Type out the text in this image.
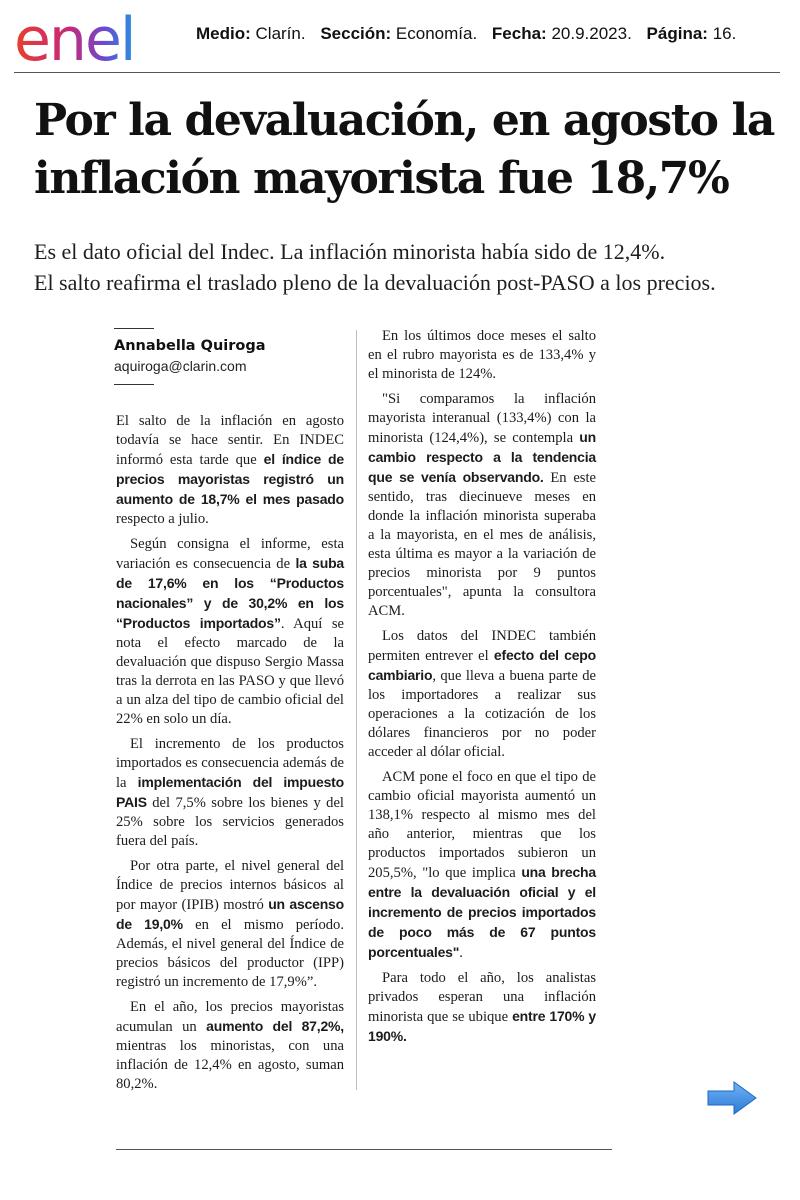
enel	Medio: Clarín. Sección: Economía. Fecha: 20.9.2023. Página: 16.
Por la devaluación, en agosto la inflación mayorista fue 18,7%
Es el dato oficial del Indec. La inflación minorista había sido de 12,4%.
El salto reafirma el traslado pleno de la devaluación post-PASO a los precios.
Annabella Quiroga
aquiroga@clarin.com

El salto de la inflación en agosto todavía se hace sentir. En INDEC informó esta tarde que el índice de precios mayoristas registró un aumento de 18,7% el mes pasado respecto a julio.

Según consigna el informe, esta variación es consecuencia de la suba de 17,6% en los “Productos nacionales” y de 30,2% en los “Productos importados”. Aquí se nota el efecto marcado de la devaluación que dispuso Sergio Massa tras la derrota en las PASO y que llevó a un alza del tipo de cambio oficial del 22% en solo un día.

El incremento de los productos importados es consecuencia además de la implementación del impuesto PAIS del 7,5% sobre los bienes y del 25% sobre los servicios generados fuera del país.

Por otra parte, el nivel general del Índice de precios internos básicos al por mayor (IPIB) mostró un ascenso de 19,0% en el mismo período. Además, el nivel general del Índice de precios básicos del productor (IPP) registró un incremento de 17,9%”.

En el año, los precios mayoristas acumulan un aumento del 87,2%, mientras los minoristas, con una inflación de 12,4% en agosto, suman 80,2%.

En los últimos doce meses el salto en el rubro mayorista es de 133,4% y el minorista de 124%.

"Si comparamos la inflación mayorista interanual (133,4%) con la minorista (124,4%), se contempla un cambio respecto a la tendencia que se venía observando. En este sentido, tras diecinueve meses en donde la inflación minorista superaba a la mayorista, en el mes de análisis, esta última es mayor a la variación de precios minorista por 9 puntos porcentuales", apunta la consultora ACM.

Los datos del INDEC también permiten entrever el efecto del cepo cambiario, que lleva a buena parte de los importadores a realizar sus operaciones a la cotización de los dólares financieros por no poder acceder al dólar oficial.

ACM pone el foco en que el tipo de cambio oficial mayorista aumentó un 138,1% respecto al mismo mes del año anterior, mientras que los productos importados subieron un 205,5%, "lo que implica una brecha entre la devaluación oficial y el incremento de precios importados de poco más de 67 puntos porcentuales".

Para todo el año, los analistas privados esperan una inflación minorista que se ubique entre 170% y 190%.
